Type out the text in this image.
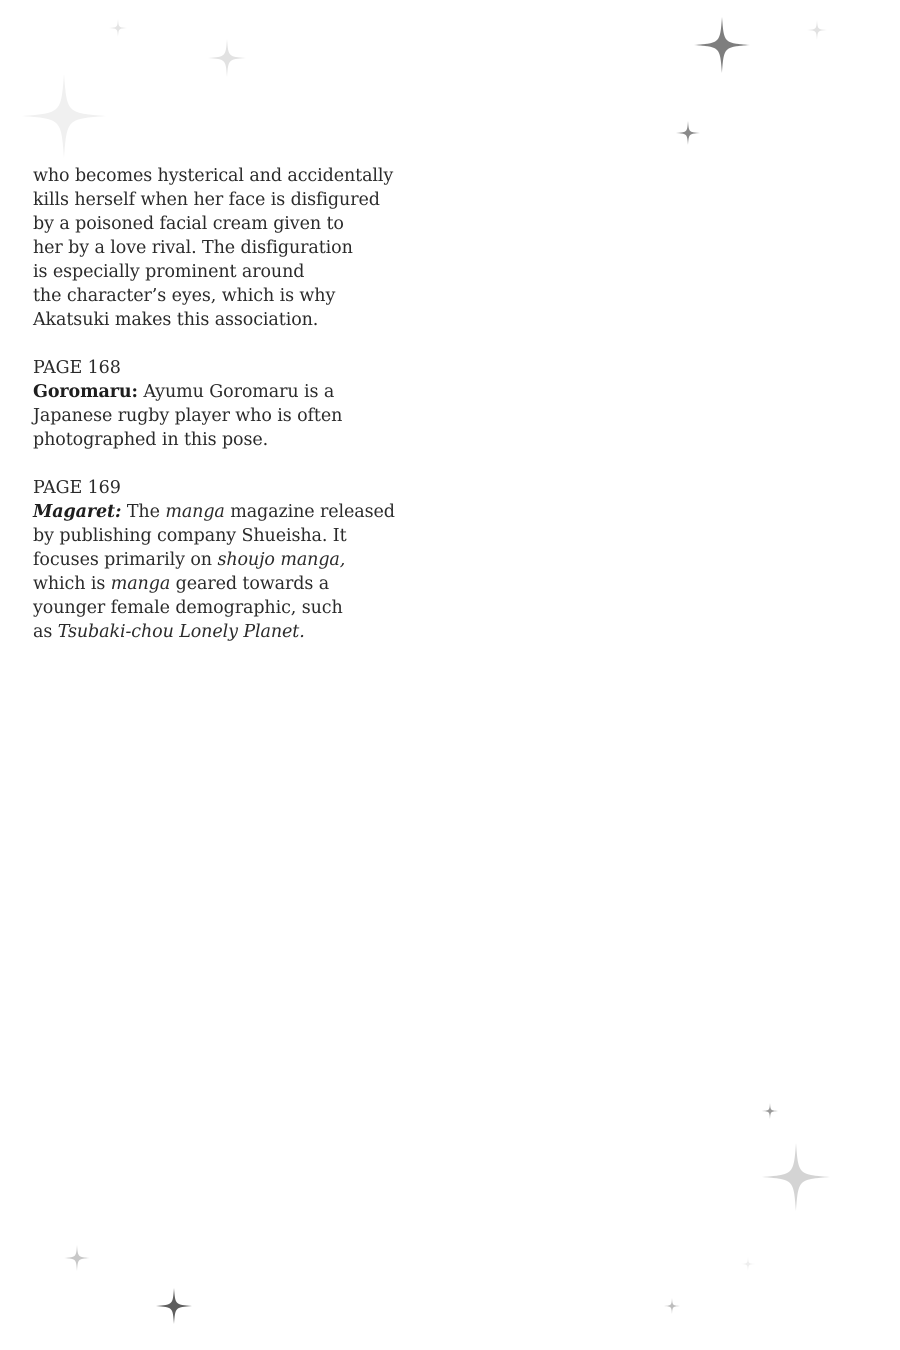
who becomes hysterical and accidentally
kills herself when her face is disfigured
by a poisoned facial cream given to
her by a love rival. The disfiguration
is especially prominent around
the character’s eyes, which is why
Akatsuki makes this association.

PAGE 168
Goromaru: Ayumu Goromaru is a
Japanese rugby player who is often
photographed in this pose.

PAGE 169
Magaret: The manga magazine released
by publishing company Shueisha. It
focuses primarily on shoujo manga,
which is manga geared towards a
younger female demographic, such
as Tsubaki-chou Lonely Planet.
